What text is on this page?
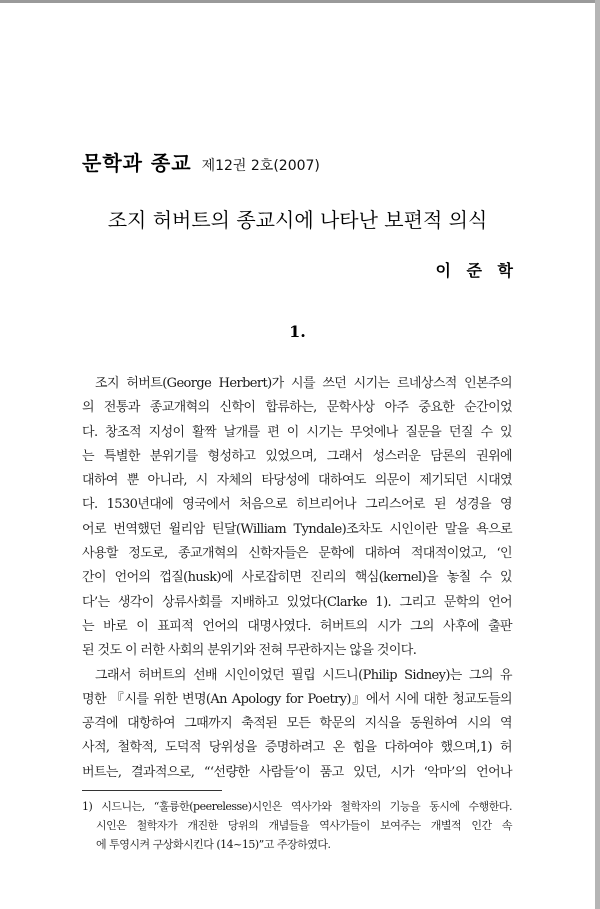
문학과 종교 제12권 2호(2007)
조지 허버트의 종교시에 나타난 보편적 의식
이 준 학
1.
조지 허버트(George Herbert)가 시를 쓰던 시기는 르네상스적 인본주의
의 전통과 종교개혁의 신학이 합류하는, 문학사상 아주 중요한 순간이었
다. 창조적 지성이 활짝 날개를 편 이 시기는 무엇에나 질문을 던질 수 있
는 특별한 분위기를 형성하고 있었으며, 그래서 성스러운 담론의 권위에
대하여 뿐 아니라, 시 자체의 타당성에 대하여도 의문이 제기되던 시대였
다. 1530년대에 영국에서 처음으로 히브리어나 그리스어로 된 성경을 영
어로 번역했던 윌리암 틴달(William Tyndale)조차도 시인이란 말을 욕으로
사용할 정도로, 종교개혁의 신학자들은 문학에 대하여 적대적이었고, ‘인
간이 언어의 껍질(husk)에 사로잡히면 진리의 핵심(kernel)을 놓칠 수 있
다’는 생각이 상류사회를 지배하고 있었다(Clarke 1). 그리고 문학의 언어
는 바로 이 표피적 언어의 대명사였다. 허버트의 시가 그의 사후에 출판
된 것도 이 러한 사회의 분위기와 전혀 무관하지는 않을 것이다.
그래서 허버트의 선배 시인이었던 필립 시드니(Philip Sidney)는 그의 유
명한 『시를 위한 변명(An Apology for Poetry)』에서 시에 대한 청교도들의
공격에 대항하여 그때까지 축적된 모든 학문의 지식을 동원하여 시의 역
사적, 철학적, 도덕적 당위성을 증명하려고 온 힘을 다하여야 했으며,1) 허
버트는, 결과적으로, “‘선량한 사람들’이 품고 있던, 시가 ‘악마’의 언어나
1) 시드니는, “훌륭한(peerelesse)시인은 역사가와 철학자의 기능을 동시에 수행한다.
시인은 철학자가 개진한 당위의 개념들을 역사가들이 보여주는 개별적 인간 속
에 투영시켜 구상화시킨다 (14~15)”고 주장하였다.
